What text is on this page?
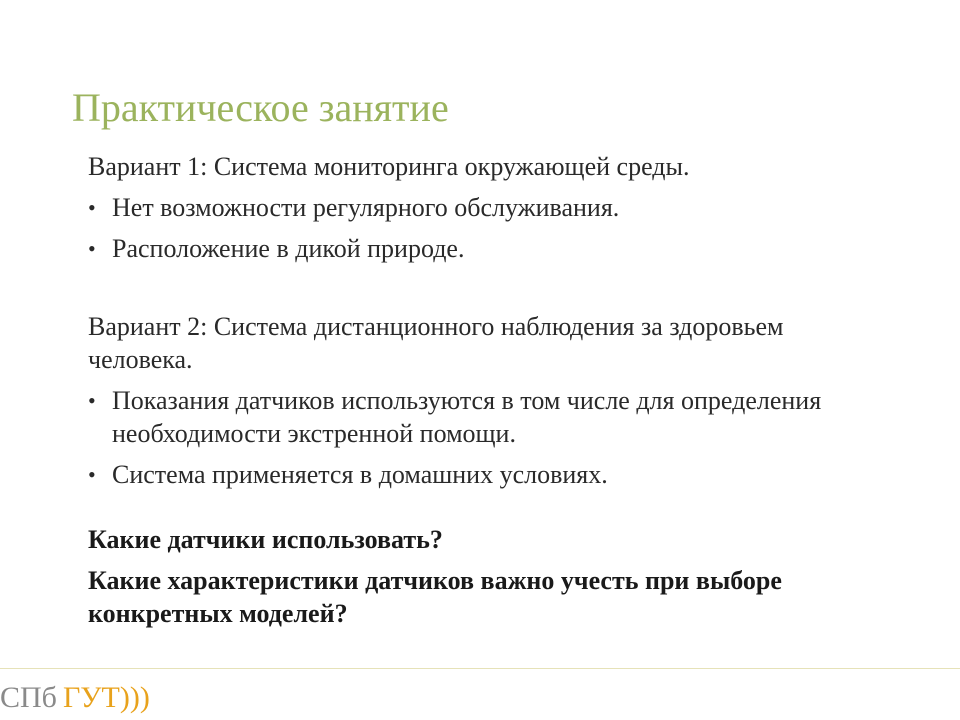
Практическое занятие

Вариант 1: Система мониторинга окружающей среды.

• Нет возможности регулярного обслуживания.
• Расположение в дикой природе.

Вариант 2: Система дистанционного наблюдения за здоровьем человека.

• Показания датчиков используются в том числе для определения необходимости экстренной помощи.
• Система применяется в домашних условиях.

Какие датчики использовать?

Какие характеристики датчиков важно учесть при выборе конкретных моделей?

СПб ГУТ)))
